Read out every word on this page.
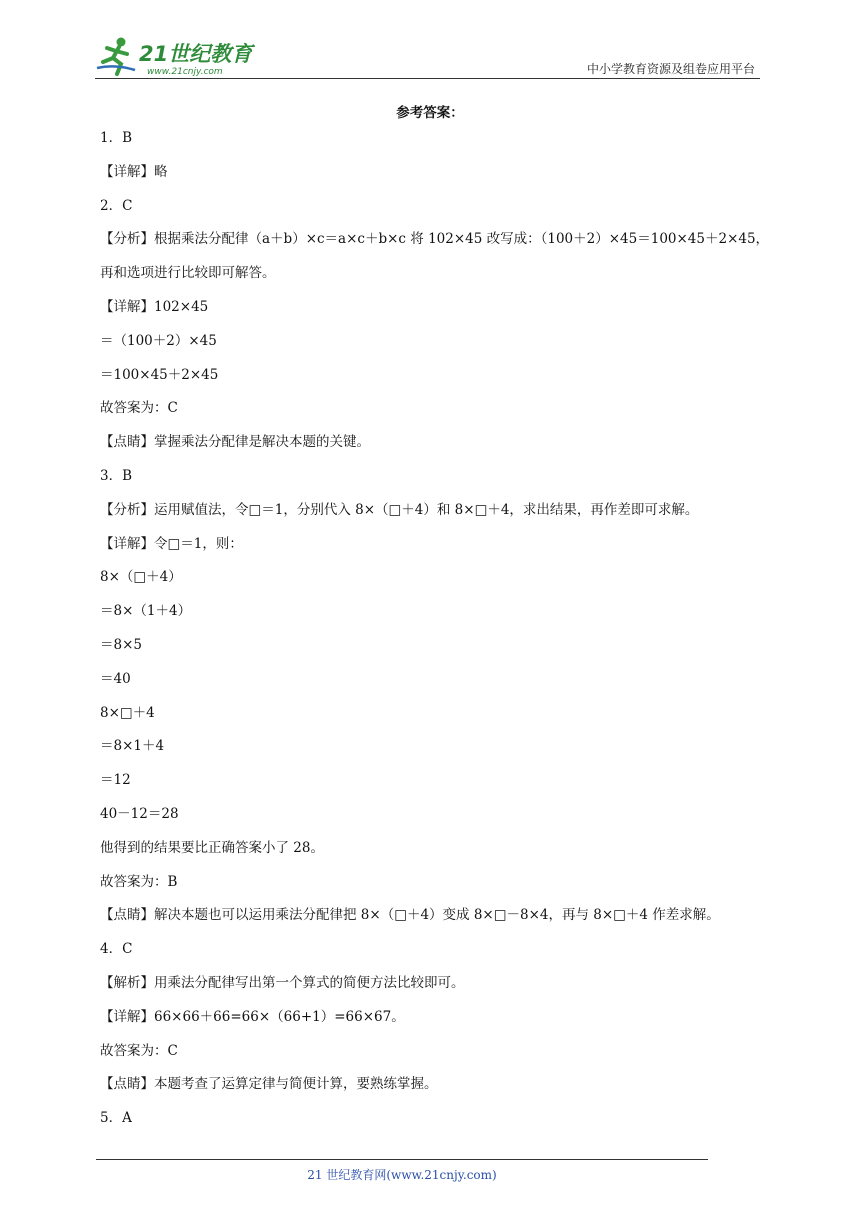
21世纪教育
www.21cnjy.com	中小学教育资源及组卷应用平台
参考答案：
1．B
【详解】略
2．C
【分析】根据乘法分配律（a＋b）×c＝a×c＋b×c 将 102×45 改写成：（100＋2）×45＝100×45＋2×45，
再和选项进行比较即可解答。
【详解】102×45
＝（100＋2）×45
＝100×45＋2×45
故答案为：C
【点睛】掌握乘法分配律是解决本题的关键。
3．B
【分析】运用赋值法，令□＝1，分别代入 8×（□＋4）和 8×□＋4，求出结果，再作差即可求解。
【详解】令□＝1，则：
8×（□＋4）
＝8×（1＋4）
＝8×5
＝40
8×□＋4
＝8×1＋4
＝12
40－12＝28
他得到的结果要比正确答案小了 28。
故答案为：B
【点睛】解决本题也可以运用乘法分配律把 8×（□＋4）变成 8×□－8×4，再与 8×□＋4 作差求解。
4．C
【解析】用乘法分配律写出第一个算式的简便方法比较即可。
【详解】66×66＋66=66×（66+1）=66×67。
故答案为：C
【点睛】本题考查了运算定律与简便计算，要熟练掌握。
5．A
21 世纪教育网(www.21cnjy.com)
